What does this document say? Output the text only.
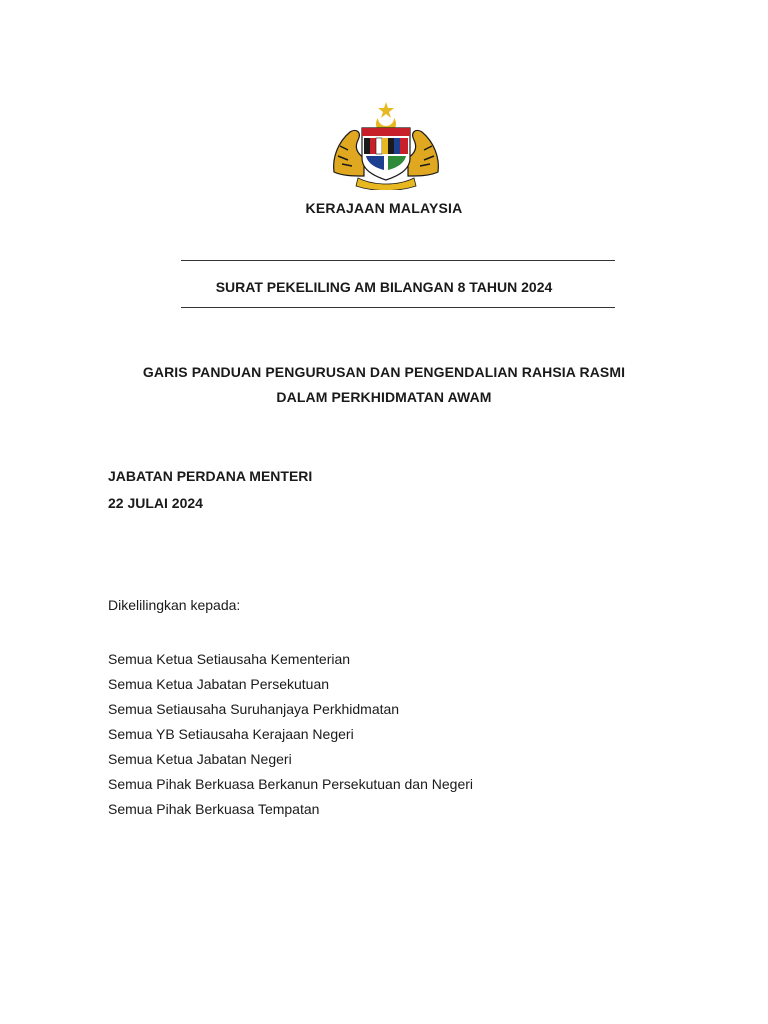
KERAJAAN MALAYSIA
SURAT PEKELILING AM BILANGAN 8 TAHUN 2024
GARIS PANDUAN PENGURUSAN DAN PENGENDALIAN RAHSIA RASMI
DALAM PERKHIDMATAN AWAM
JABATAN PERDANA MENTERI
22 JULAI 2024
Dikelilingkan kepada:
Semua Ketua Setiausaha Kementerian
Semua Ketua Jabatan Persekutuan
Semua Setiausaha Suruhanjaya Perkhidmatan
Semua YB Setiausaha Kerajaan Negeri
Semua Ketua Jabatan Negeri
Semua Pihak Berkuasa Berkanun Persekutuan dan Negeri
Semua Pihak Berkuasa Tempatan
